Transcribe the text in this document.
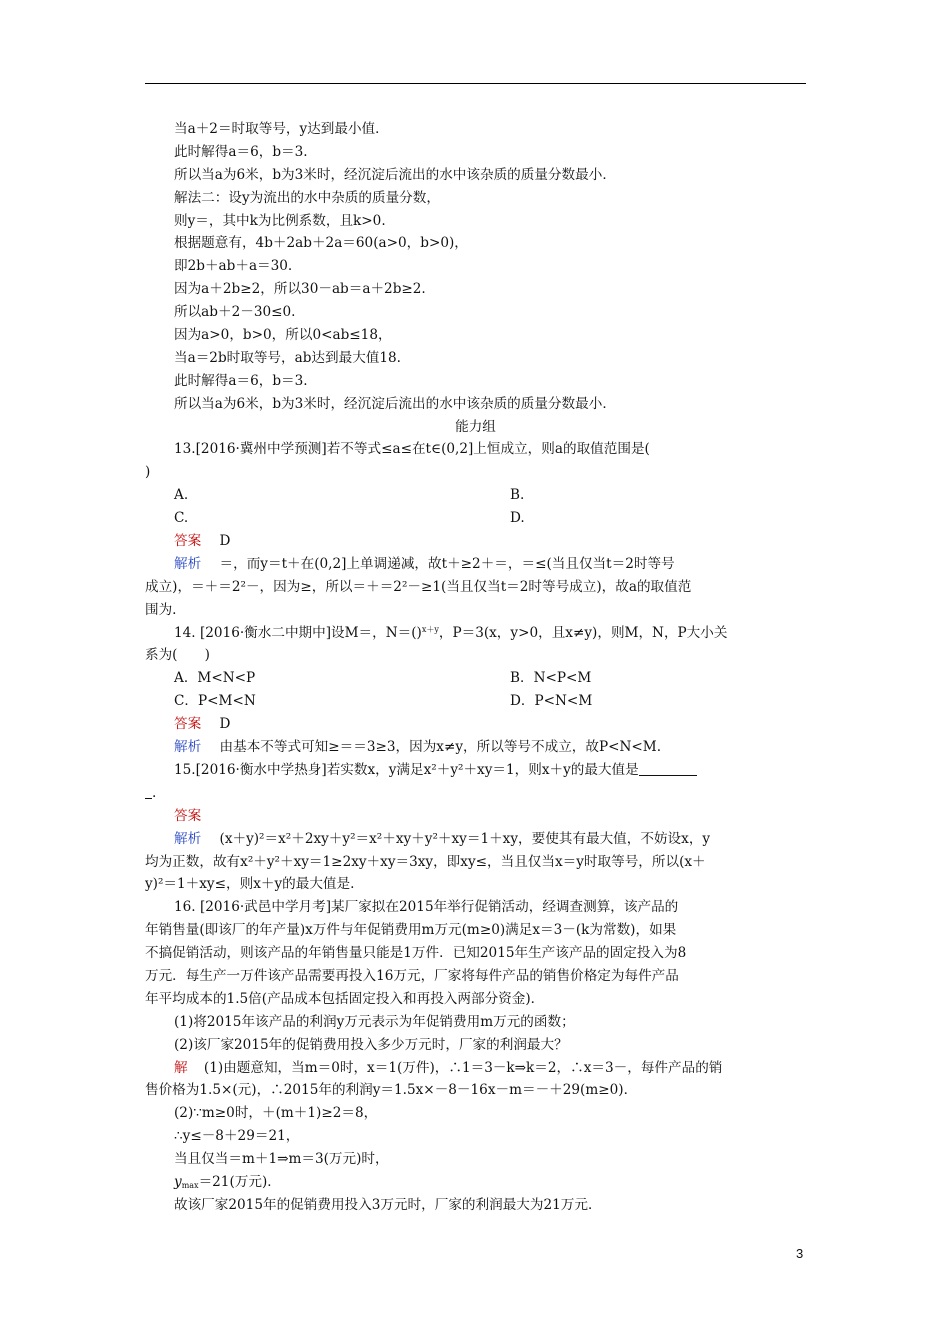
当a＋2＝时取等号，y达到最小值．
此时解得a＝6，b＝3.
所以当a为6米，b为3米时，经沉淀后流出的水中该杂质的质量分数最小．
解法二：设y为流出的水中杂质的质量分数，
则y＝，其中k为比例系数，且k>0.
根据题意有，4b＋2ab＋2a＝60(a>0，b>0)，
即2b＋ab＋a＝30.
因为a＋2b≥2，所以30－ab＝a＋2b≥2.
所以ab＋2－30≤0.
因为a>0，b>0，所以0<ab≤18，
当a＝2b时取等号，ab达到最大值18.
此时解得a＝6，b＝3.
所以当a为6米，b为3米时，经沉淀后流出的水中该杂质的质量分数最小．
能力组
13.[2016·冀州中学预测]若不等式≤a≤在t∈(0,2]上恒成立，则a的取值范围是(
)
A.	B.
C.	D.
答案 D
解析 ＝，而y＝t＋在(0,2]上单调递减，故t＋≥2＋＝，＝≤(当且仅当t＝2时等号
成立)，＝＋＝2²－，因为≥，所以＝＋＝2²－≥1(当且仅当t＝2时等号成立)，故a的取值范
围为.
14. [2016·衡水二中期中]设M＝，N＝()$^{x+y}$，P＝3(x，y>0，且x≠y)，则M，N，P大小关
系为(　　)
A．M<N<P	B．N<P<M
C．P<M<N	D．P<N<M
答案 D
解析 由基本不等式可知≥＝＝3≥3，因为x≠y，所以等号不成立，故P<N<M.
15.[2016·衡水中学热身]若实数x，y满足x²＋y²＋xy＝1，则x＋y的最大值是
.
答案
解析 (x＋y)²＝x²＋2xy＋y²＝x²＋xy＋y²＋xy＝1＋xy，要使其有最大值，不妨设x，y
均为正数，故有x²＋y²＋xy＝1≥2xy＋xy＝3xy，即xy≤，当且仅当x＝y时取等号，所以(x＋
y)²＝1＋xy≤，则x＋y的最大值是.
16. [2016·武邑中学月考]某厂家拟在2015年举行促销活动，经调查测算，该产品的
年销售量(即该厂的年产量)x万件与年促销费用m万元(m≥0)满足x＝3－(k为常数)，如果
不搞促销活动，则该产品的年销售量只能是1万件．已知2015年生产该产品的固定投入为8
万元．每生产一万件该产品需要再投入16万元，厂家将每件产品的销售价格定为每件产品
年平均成本的1.5倍(产品成本包括固定投入和再投入两部分资金)．
(1)将2015年该产品的利润y万元表示为年促销费用m万元的函数；
(2)该厂家2015年的促销费用投入多少万元时，厂家的利润最大？
解 (1)由题意知，当m＝0时，x＝1(万件)，∴1＝3－k⇒k＝2，∴x＝3－，每件产品的销
售价格为1.5×(元)，∴2015年的利润y＝1.5x×－8－16x－m＝－＋29(m≥0)．
(2)∵m≥0时，＋(m＋1)≥2＝8，
∴y≤－8＋29＝21，
当且仅当＝m＋1⇒m＝3(万元)时，
$y_{max}=21$(万元)．
故该厂家2015年的促销费用投入3万元时，厂家的利润最大为21万元．
3
